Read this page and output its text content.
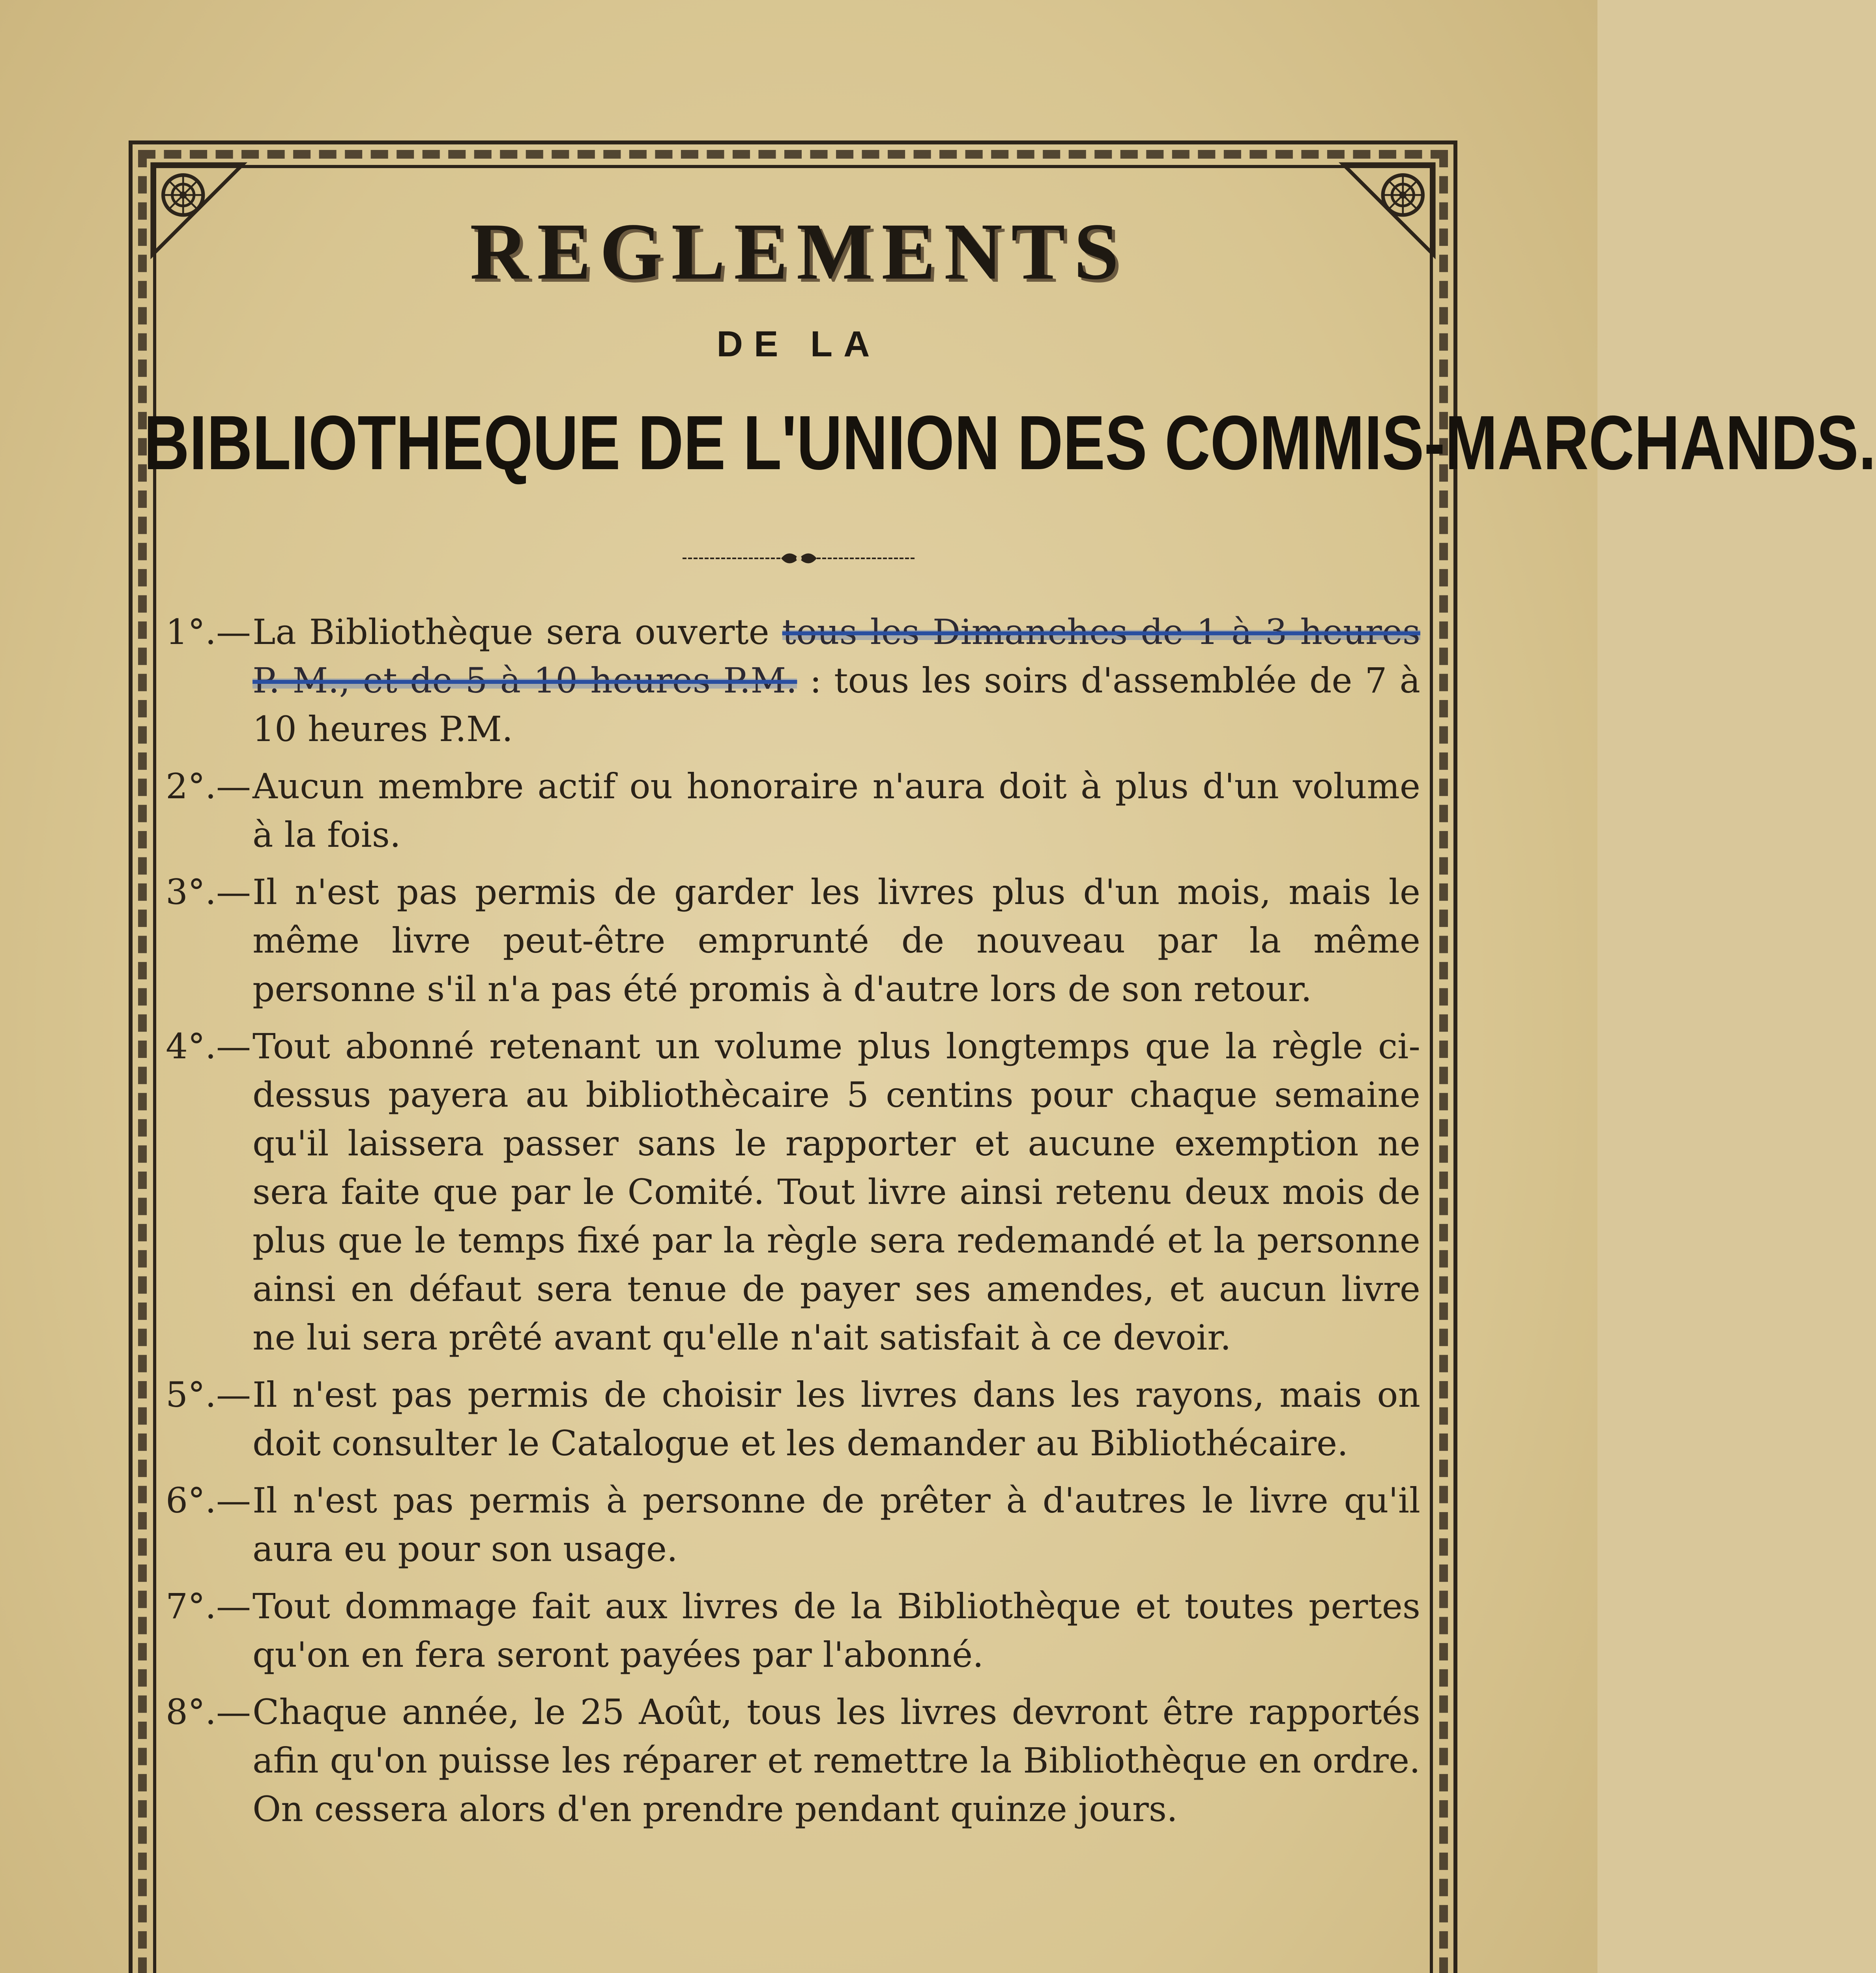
REGLEMENTS
DE LA
BIBLIOTHEQUE DE L'UNION DES COMMIS-MARCHANDS.
1°.— La Bibliothèque sera ouverte tous les Dimanches de 1 à 3 heures P. M., et de 5 à 10 heures P.M. : tous les soirs d'assemblée de 7 à 10 heures P.M.
2°.— Aucun membre actif ou honoraire n'aura doit à plus d'un volume à la fois.
3°.— Il n'est pas permis de garder les livres plus d'un mois, mais le même livre peut-être emprunté de nouveau par la même personne s'il n'a pas été promis à d'autre lors de son retour.
4°.— Tout abonné retenant un volume plus longtemps que la règle ci-dessus payera au bibliothècaire 5 centins pour chaque semaine qu'il laissera passer sans le rapporter et aucune exemption ne sera faite que par le Comité. Tout livre ainsi retenu deux mois de plus que le temps fixé par la règle sera redemandé et la personne ainsi en défaut sera tenue de payer ses amendes, et aucun livre ne lui sera prêté avant qu'elle n'ait satisfait à ce devoir.
5°.— Il n'est pas permis de choisir les livres dans les rayons, mais on doit consulter le Catalogue et les demander au Bibliothécaire.
6°.— Il n'est pas permis à personne de prêter à d'autres le livre qu'il aura eu pour son usage.
7°.— Tout dommage fait aux livres de la Bibliothèque et toutes pertes qu'on en fera seront payées par l'abonné.
8°.— Chaque année, le 25 Août, tous les livres devront être rapportés afin qu'on puisse les réparer et remettre la Bibliothèque en ordre. On cessera alors d'en prendre pendant quinze jours.
